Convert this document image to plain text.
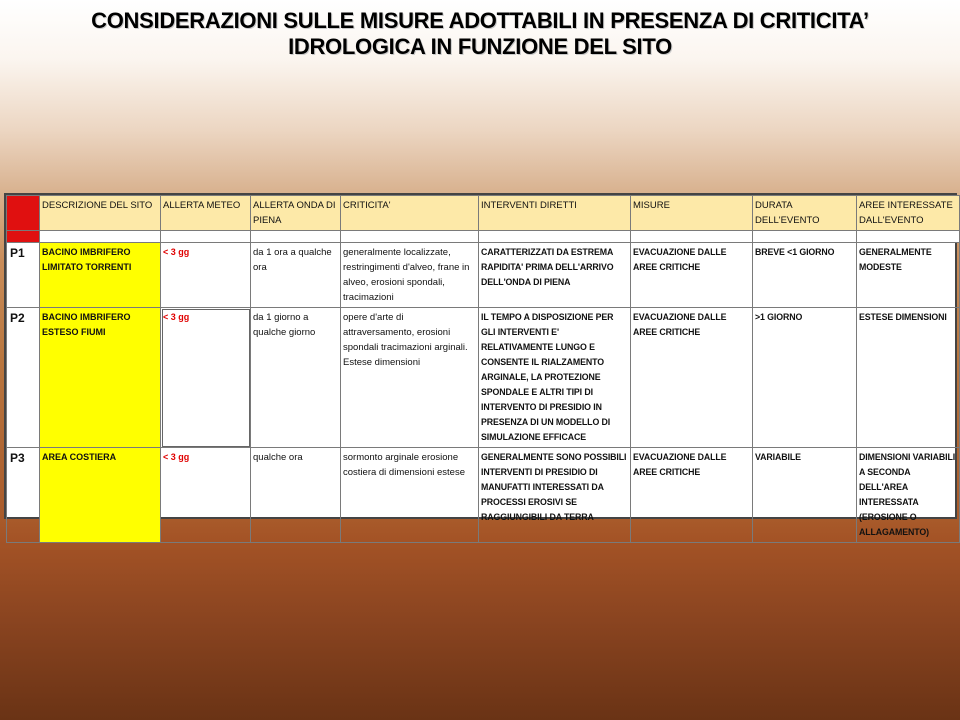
CONSIDERAZIONI SULLE MISURE ADOTTABILI IN PRESENZA DI CRITICITA’
IDROLOGICA IN FUNZIONE DEL SITO
	DESCRIZIONE DEL SITO	ALLERTA METEO	ALLERTA ONDA DI PIENA	CRITICITA'	INTERVENTI DIRETTI	MISURE	DURATA DELL'EVENTO	AREE INTERESSATE DALL'EVENTO

P1	BACINO IMBRIFERO LIMITATO TORRENTI	< 3 gg	da 1 ora a qualche ora	generalmente localizzate, restringimenti d'alveo, frane in alveo, erosioni spondali, tracimazioni	CARATTERIZZATI DA ESTREMA RAPIDITA' PRIMA DELL'ARRIVO DELL'ONDA DI PIENA	EVACUAZIONE DALLE AREE CRITICHE	BREVE <1 GIORNO	GENERALMENTE MODESTE
P2	BACINO IMBRIFERO ESTESO FIUMI	< 3 gg	da 1 giorno a qualche giorno	opere d'arte di attraversamento, erosioni spondali tracimazioni arginali. Estese dimensioni	IL TEMPO A DISPOSIZIONE PER GLI INTERVENTI E' RELATIVAMENTE LUNGO E CONSENTE IL RIALZAMENTO ARGINALE, LA PROTEZIONE SPONDALE E ALTRI TIPI DI INTERVENTO DI PRESIDIO IN PRESENZA DI UN MODELLO DI SIMULAZIONE EFFICACE	EVACUAZIONE DALLE AREE CRITICHE	>1 GIORNO	ESTESE DIMENSIONI
P3	AREA COSTIERA	< 3 gg	qualche ora	sormonto arginale erosione costiera di dimensioni estese	GENERALMENTE SONO POSSIBILI INTERVENTI DI PRESIDIO DI MANUFATTI INTERESSATI DA PROCESSI EROSIVI SE RAGGIUNGIBILI DA TERRA	EVACUAZIONE DALLE AREE CRITICHE	VARIABILE	DIMENSIONI VARIABILI A SECONDA DELL'AREA INTERESSATA (EROSIONE O ALLAGAMENTO)
